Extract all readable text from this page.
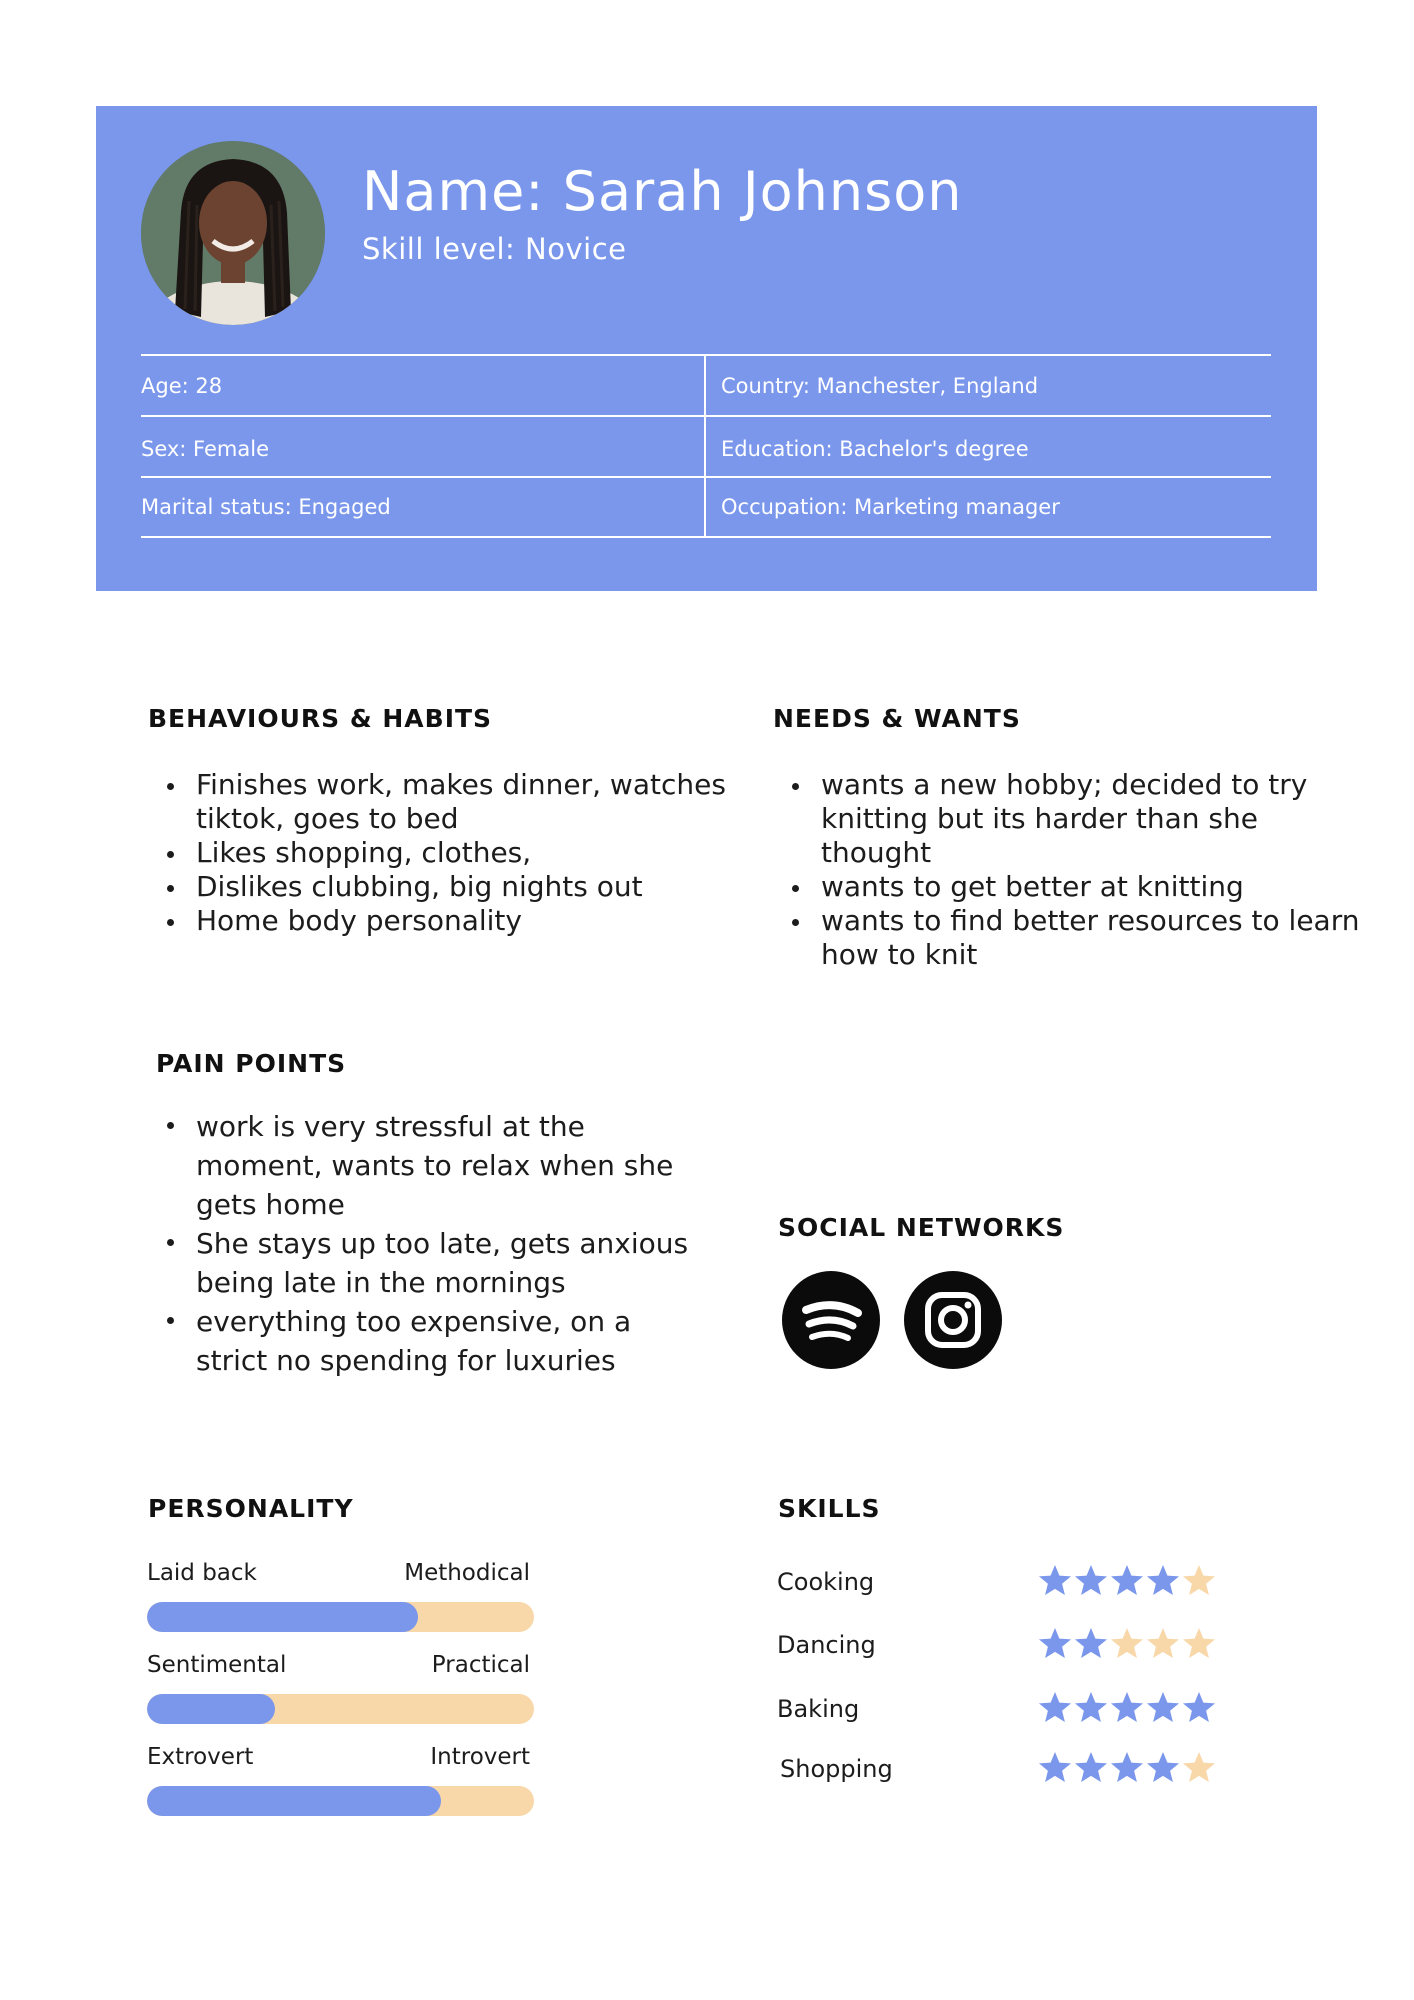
Name: Sarah Johnson
Skill level: Novice
Age: 28	Country: Manchester, England
Sex: Female	Education: Bachelor's degree
Marital status: Engaged	Occupation: Marketing manager
BEHAVIOURS & HABITS
Finishes work, makes dinner, watches tiktok, goes to bed
Likes shopping, clothes,
Dislikes clubbing, big nights out
Home body personality
NEEDS & WANTS
wants a new hobby; decided to try knitting but its harder than she thought
wants to get better at knitting
wants to find better resources to learn how to knit
PAIN POINTS
work is very stressful at the moment, wants to relax when she gets home
She stays up too late, gets anxious being late in the mornings
everything too expensive, on a strict no spending for luxuries
SOCIAL NETWORKS
PERSONALITY
Laid back	Methodical
Sentimental	Practical
Extrovert	Introvert
SKILLS
Cooking
Dancing
Baking
Shopping
